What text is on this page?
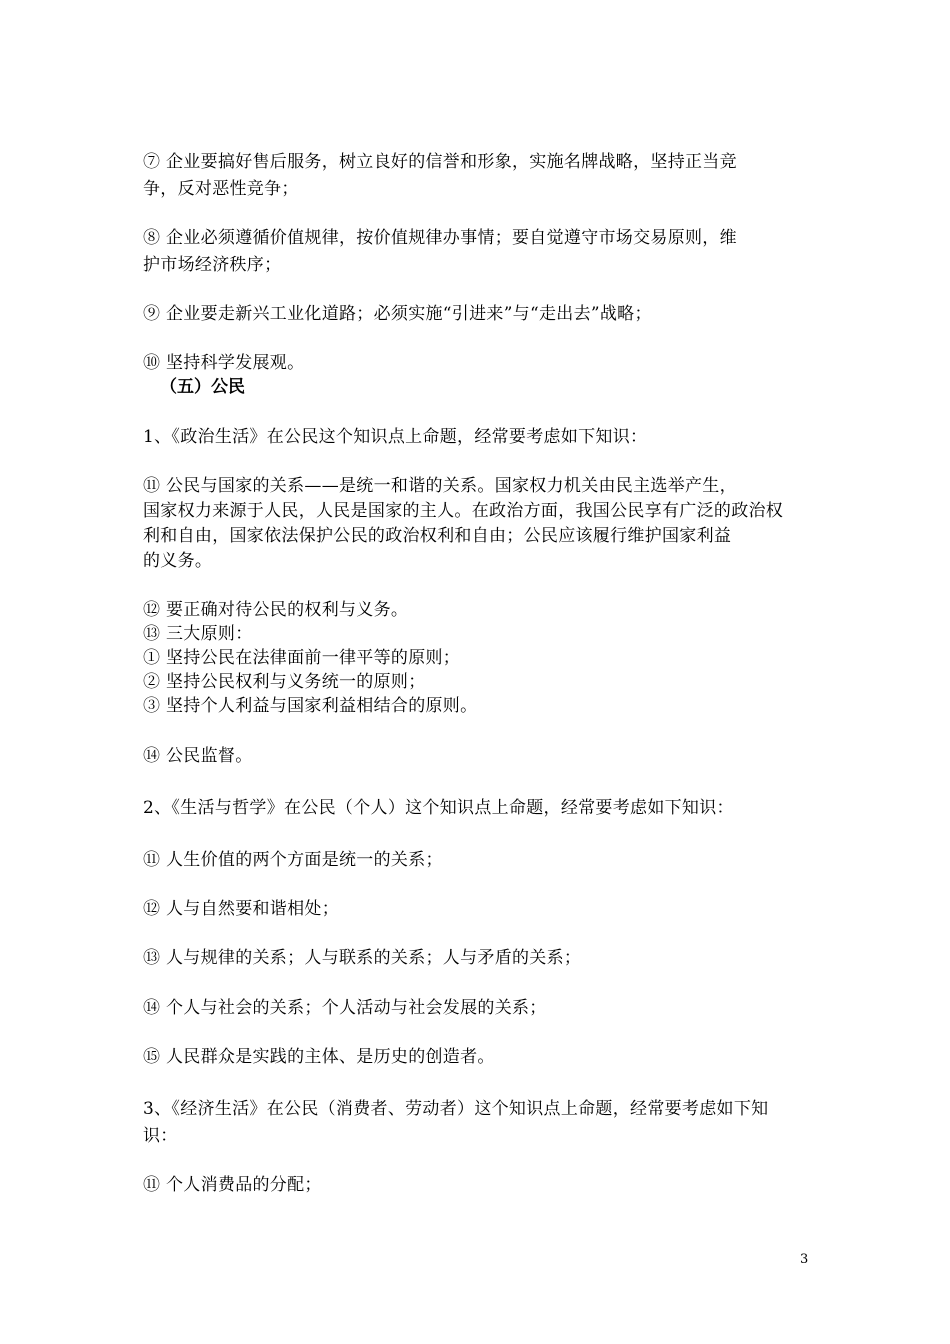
⑦ 企业要搞好售后服务，树立良好的信誉和形象，实施名牌战略，坚持正当竞
争，反对恶性竞争；
⑧ 企业必须遵循价值规律，按价值规律办事情；要自觉遵守市场交易原则，维
护市场经济秩序；
⑨ 企业要走新兴工业化道路；必须实施“引进来”与“走出去”战略；
⑩ 坚持科学发展观。
（五）公民
1、《政治生活》在公民这个知识点上命题，经常要考虑如下知识：
⑪ 公民与国家的关系——是统一和谐的关系。国家权力机关由民主选举产生，
国家权力来源于人民，人民是国家的主人。在政治方面，我国公民享有广泛的政治权
利和自由，国家依法保护公民的政治权利和自由；公民应该履行维护国家利益
的义务。
⑫ 要正确对待公民的权利与义务。
⑬ 三大原则：
① 坚持公民在法律面前一律平等的原则；
② 坚持公民权利与义务统一的原则；
③ 坚持个人利益与国家利益相结合的原则。
⑭ 公民监督。
2、《生活与哲学》在公民（个人）这个知识点上命题，经常要考虑如下知识：
⑪ 人生价值的两个方面是统一的关系；
⑫ 人与自然要和谐相处；
⑬ 人与规律的关系；人与联系的关系；人与矛盾的关系；
⑭ 个人与社会的关系；个人活动与社会发展的关系；
⑮ 人民群众是实践的主体、是历史的创造者。
3、《经济生活》在公民（消费者、劳动者）这个知识点上命题，经常要考虑如下知
识：
⑪ 个人消费品的分配；
3
